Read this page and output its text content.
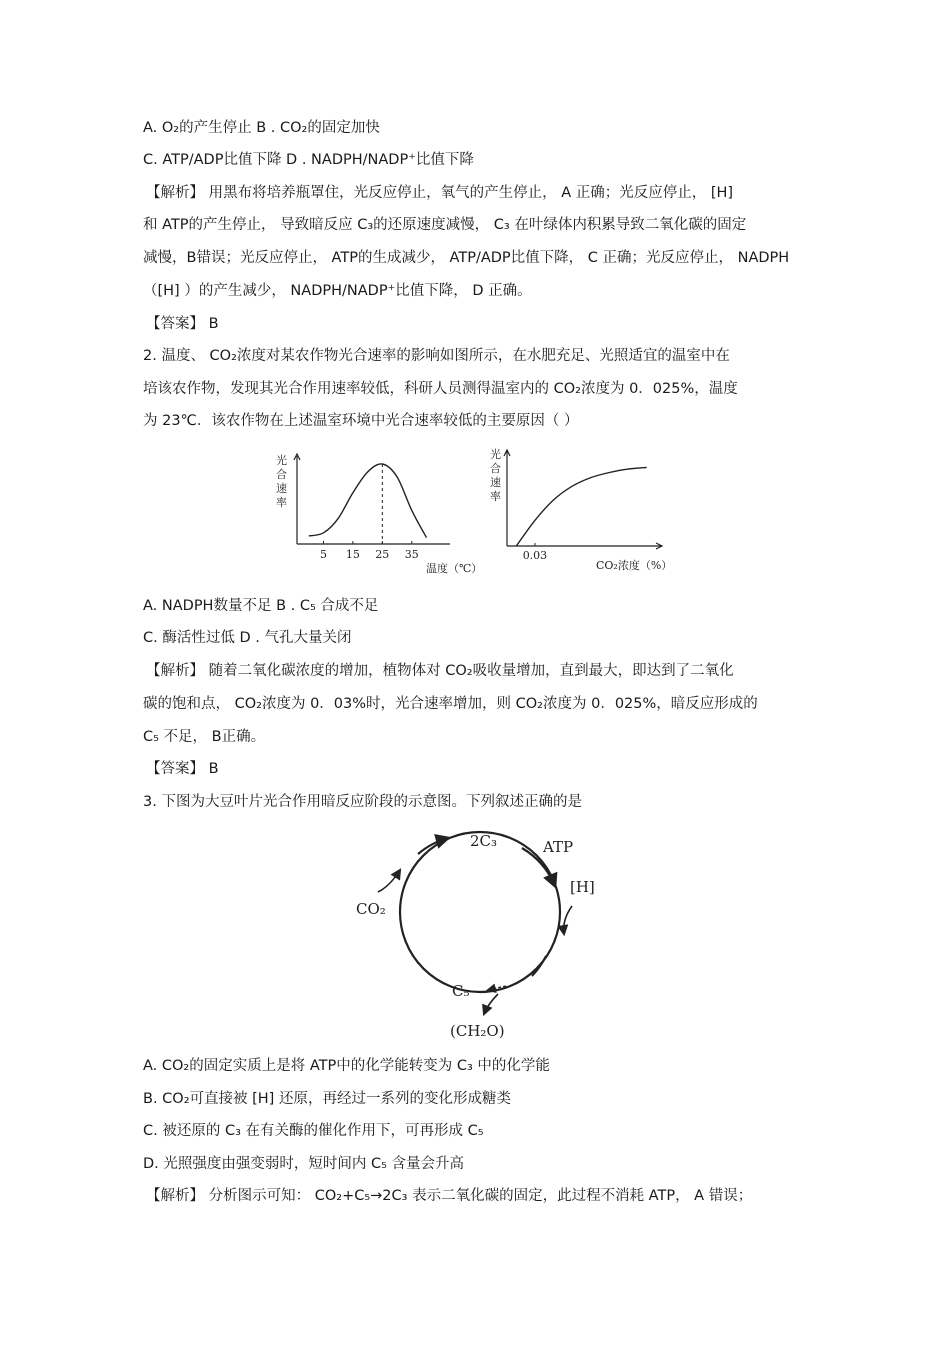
A. O₂的产生停止 B . CO₂的固定加快
C. ATP/ADP比值下降 D . NADPH/NADP⁺比值下降
【解析】 用黑布将培养瓶罩住，光反应停止，氧气的产生停止， A 正确；光反应停止， [H]
和 ATP的产生停止， 导致暗反应 C₃的还原速度减慢， C₃ 在叶绿体内积累导致二氧化碳的固定
减慢，B错误；光反应停止， ATP的生成减少， ATP/ADP比值下降， C 正确；光反应停止， NADPH
（[H] ）的产生减少， NADPH/NADP⁺比值下降， D 正确。
【答案】 B
2. 温度、 CO₂浓度对某农作物光合速率的影响如图所示，在水肥充足、光照适宜的温室中在
培该农作物，发现其光合作用速率较低，科研人员测得温室内的 CO₂浓度为 0．025%，温度
为 23℃．该农作物在上述温室环境中光合速率较低的主要原因（ ）
光
合
速
率
5 15 25 35
温度（℃）
光
合
速
率
0.03
CO₂浓度（%）
A. NADPH数量不足 B . C₅ 合成不足
C. 酶活性过低 D . 气孔大量关闭
【解析】 随着二氧化碳浓度的增加，植物体对 CO₂吸收量增加，直到最大，即达到了二氧化
碳的饱和点， CO₂浓度为 0．03%时，光合速率增加，则 CO₂浓度为 0．025%，暗反应形成的
C₅ 不足， B正确。
【答案】 B
3. 下图为大豆叶片光合作用暗反应阶段的示意图。下列叙述正确的是
2C₃	ATP
[H]
CO₂
C₅
(CH₂O)
A. CO₂的固定实质上是将 ATP中的化学能转变为 C₃ 中的化学能
B. CO₂可直接被 [H] 还原，再经过一系列的变化形成糖类
C. 被还原的 C₃ 在有关酶的催化作用下，可再形成 C₅
D. 光照强度由强变弱时，短时间内 C₅ 含量会升高
【解析】 分析图示可知： CO₂+C₅→2C₃ 表示二氧化碳的固定，此过程不消耗 ATP， A 错误；
